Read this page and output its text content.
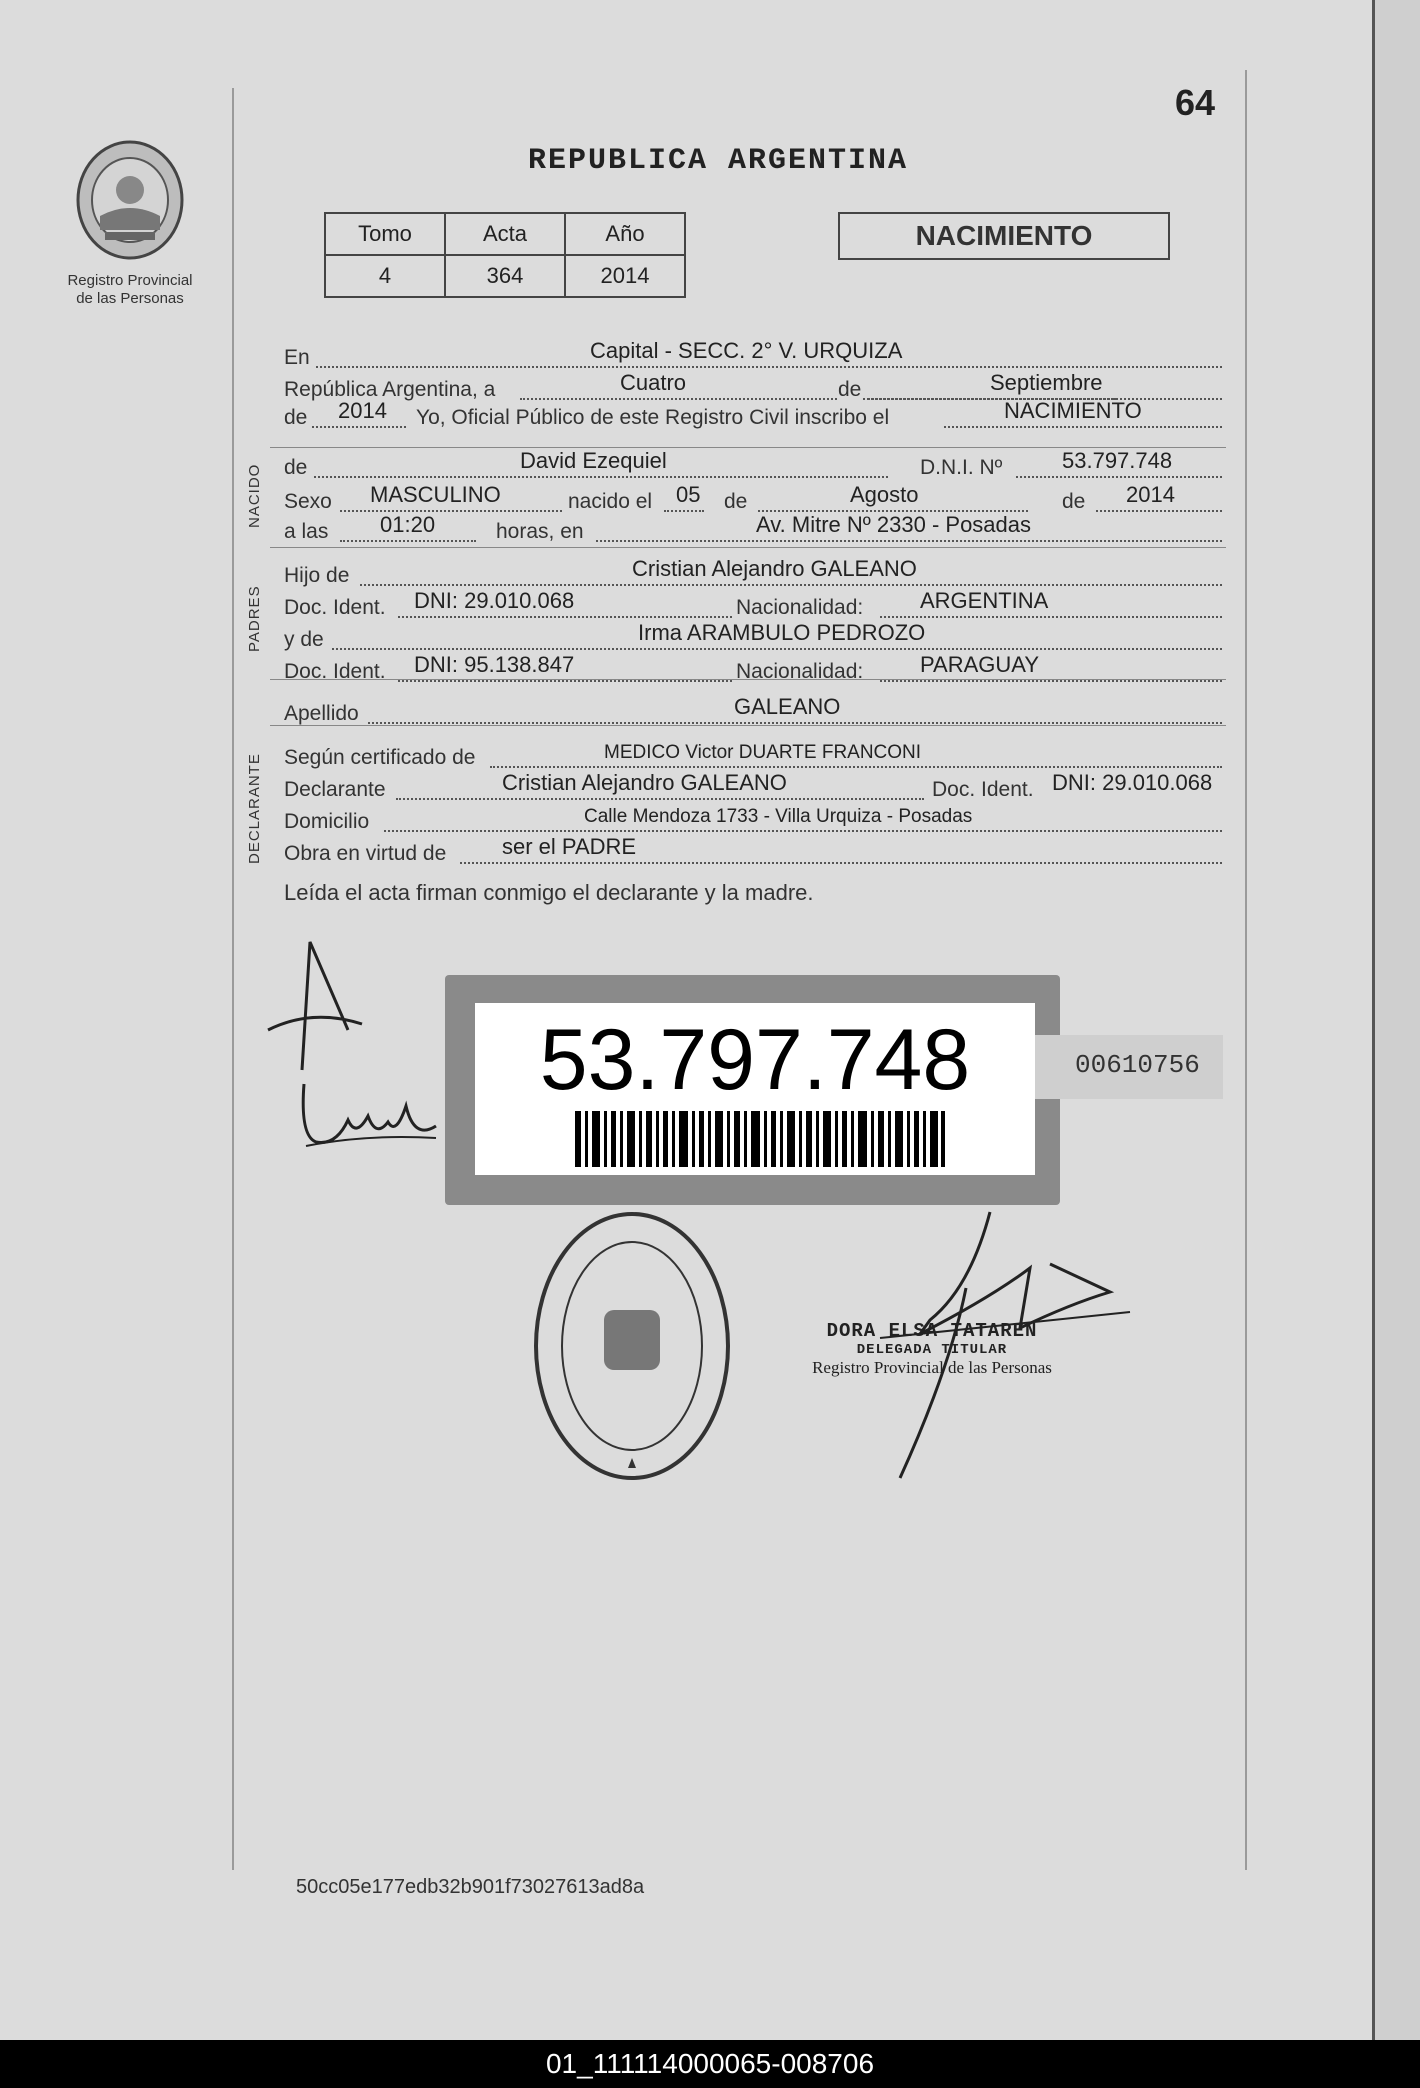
64
REPUBLICA ARGENTINA
Registro Provincial
de las Personas
Tomo	Acta	Año
4	364	2014
NACIMIENTO
NACIDO
PADRES
DECLARANTE
En	Capital - SECC. 2° V. URQUIZA
República Argentina, a	Cuatro	de	Septiembre
de 2014 Yo, Oficial Público de este Registro Civil inscribo el	NACIMIENTO
de	David Ezequiel	D.N.I. Nº	53.797.748
Sexo MASCULINO	nacido el 05 de	Agosto	de 2014
a las 01:20	horas, en	Av. Mitre Nº 2330 - Posadas
Hijo de	Cristian Alejandro GALEANO
Doc. Ident. DNI: 29.010.068	Nacionalidad:	ARGENTINA
y de	Irma ARAMBULO PEDROZO
Doc. Ident. DNI: 95.138.847	Nacionalidad:	PARAGUAY
Apellido	GALEANO
Según certificado de	MEDICO Victor DUARTE FRANCONI
Declarante	Cristian Alejandro GALEANO	Doc. Ident. DNI: 29.010.068
Domicilio	Calle Mendoza 1733 - Villa Urquiza - Posadas
Obra en virtud de	ser el PADRE
Leída el acta firman conmigo el declarante y la madre.
53.797.748	00610756
DORA ELSA TATAREN
DELEGADA TITULAR
Registro Provincial de las Personas
50cc05e177edb32b901f73027613ad8a
01_111114000065-008706
